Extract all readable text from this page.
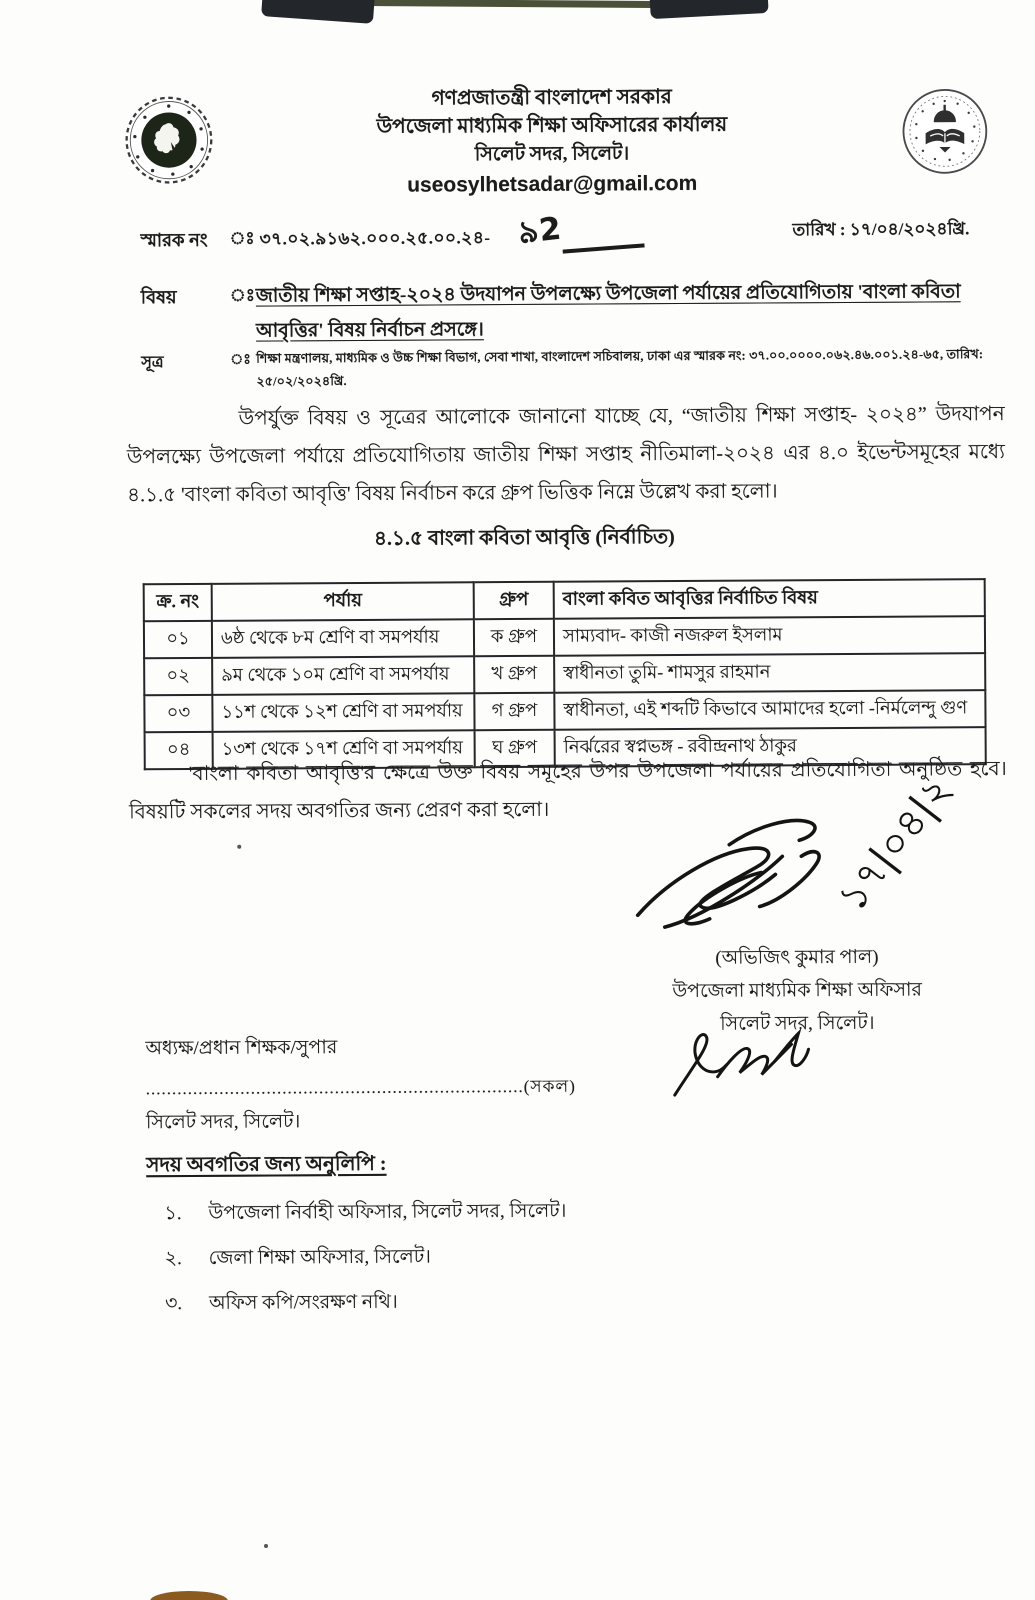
গণপ্রজাতন্ত্রী বাংলাদেশ সরকার
উপজেলা মাধ্যমিক শিক্ষা অফিসারের কার্যালয়
সিলেট সদর, সিলেট।
useosylhetsadar@gmail.com
স্মারক নং ঃ ৩৭.০২.৯১৬২.০০০.২৫.০০.২৪- ৯2	তারিখ : ১৭/০৪/২০২৪খ্রি.
বিষয়	ঃ জাতীয় শিক্ষা সপ্তাহ-২০২৪ উদযাপন উপলক্ষ্যে উপজেলা পর্যায়ের প্রতিযোগিতায় 'বাংলা কবিতা আবৃত্তির' বিষয় নির্বাচন প্রসঙ্গে।
সূত্র	ঃ শিক্ষা মন্ত্রণালয়, মাধ্যমিক ও উচ্চ শিক্ষা বিভাগ, সেবা শাখা, বাংলাদেশ সচিবালয়, ঢাকা এর স্মারক নং: ৩৭.০০.০০০০.০৬২.৪৬.০০১.২৪-৬৫, তারিখ: ২৫/০২/২০২৪খ্রি.
উপর্যুক্ত বিষয় ও সূত্রের আলোকে জানানো যাচ্ছে যে, “জাতীয় শিক্ষা সপ্তাহ- ২০২৪” উদযাপন উপলক্ষ্যে উপজেলা পর্যায়ে প্রতিযোগিতায় জাতীয় শিক্ষা সপ্তাহ নীতিমালা-২০২৪ এর ৪.০ ইভেন্টসমূহের মধ্যে ৪.১.৫ 'বাংলা কবিতা আবৃত্তি' বিষয় নির্বাচন করে গ্রুপ ভিত্তিক নিম্নে উল্লেখ করা হলো।
৪.১.৫ বাংলা কবিতা আবৃত্তি (নির্বাচিত)
ক্র. নং	পর্যায়	গ্রুপ	বাংলা কবিত আবৃত্তির নির্বাচিত বিষয়
০১	৬ষ্ঠ থেকে ৮ম শ্রেণি বা সমপর্যায়	ক গ্রুপ	সাম্যবাদ- কাজী নজরুল ইসলাম
০২	৯ম থেকে ১০ম শ্রেণি বা সমপর্যায়	খ গ্রুপ	স্বাধীনতা তুমি- শামসুর রাহমান
০৩	১১শ থেকে ১২শ শ্রেণি বা সমপর্যায়	গ গ্রুপ	স্বাধীনতা, এই শব্দটি কিভাবে আমাদের হলো -নির্মলেন্দু গুণ
০৪	১৩শ থেকে ১৭শ শ্রেণি বা সমপর্যায়	ঘ গ্রুপ	নির্ঝরের স্বপ্নভঙ্গ - রবীন্দ্রনাথ ঠাকুর
'বাংলা কবিতা আবৃত্তি'র ক্ষেত্রে উক্ত বিষয় সমূহের উপর উপজেলা পর্যায়ের প্রতিযোগিতা অনুষ্ঠিত হবে। বিষয়টি সকলের সদয় অবগতির জন্য প্রেরণ করা হলো।	১৭|০৪|২০২৪
(অভিজিৎ কুমার পাল)
উপজেলা মাধ্যমিক শিক্ষা অফিসার
সিলেট সদর, সিলেট।
অধ্যক্ষ/প্রধান শিক্ষক/সুপার
........................................................................(সকল)
সিলেট সদর, সিলেট।
সদয় অবগতির জন্য অনুলিপি :
১.	উপজেলা নির্বাহী অফিসার, সিলেট সদর, সিলেট।
২.	জেলা শিক্ষা অফিসার, সিলেট।
৩.	অফিস কপি/সংরক্ষণ নথি।
